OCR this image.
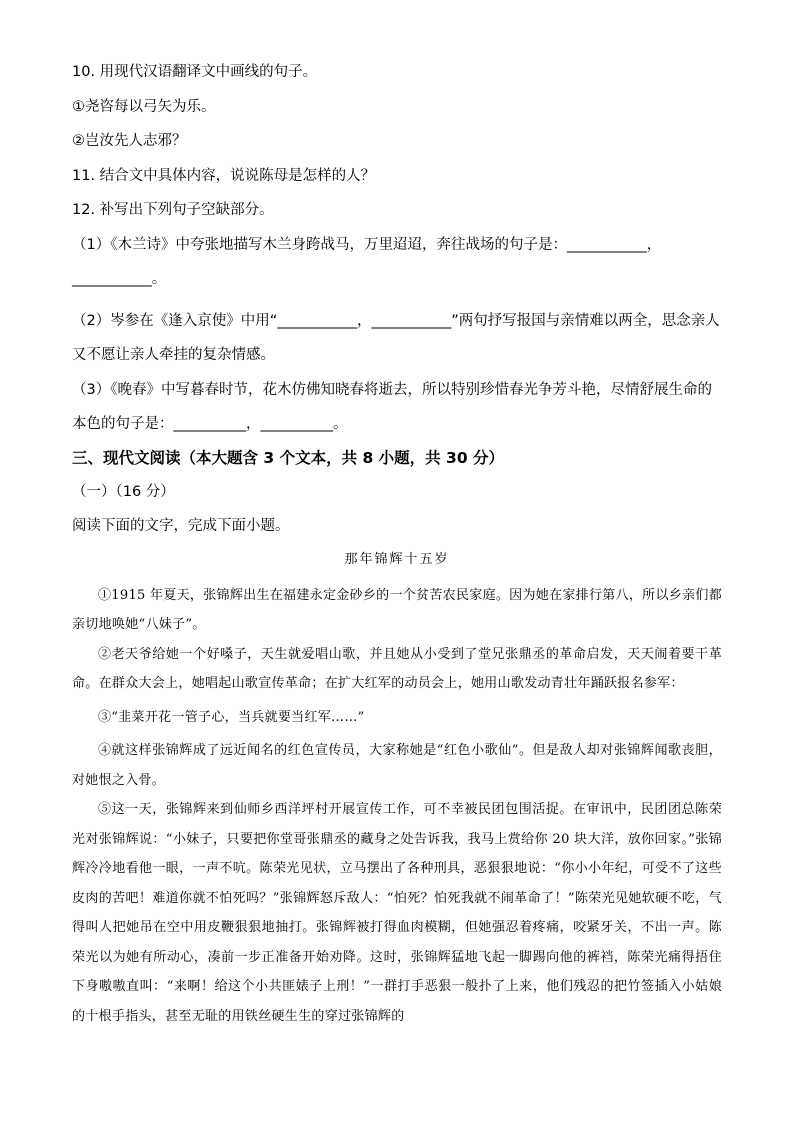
10. 用现代汉语翻译文中画线的句子。
①尧咨每以弓矢为乐。
②岂汝先人志邪？
11. 结合文中具体内容，说说陈母是怎样的人？
12. 补写出下列句子空缺部分。
（1）《木兰诗》中夸张地描写木兰身跨战马，万里迢迢，奔往战场的句子是：___________，
___________。

（2）岑参在《逢入京使》中用“___________，___________”两句抒写报国与亲情难以两全，思念亲人又不愿让亲人牵挂的复杂情感。

（3）《晚春》中写暮春时节，花木仿佛知晓春将逝去，所以特别珍惜春光争芳斗艳，尽情舒展生命的本色的句子是：__________，__________。

三、现代文阅读（本大题含 3 个文本，共 8 小题，共 30 分）
（一）（16 分）
阅读下面的文字，完成下面小题。
那年锦辉十五岁

①1915 年夏天，张锦辉出生在福建永定金砂乡的一个贫苦农民家庭。因为她在家排行第八，所以乡亲们都亲切地唤她“八妹子”。

②老天爷给她一个好嗓子，天生就爱唱山歌，并且她从小受到了堂兄张鼎丞的革命启发，天天闹着要干革命。在群众大会上，她唱起山歌宣传革命；在扩大红军的动员会上，她用山歌发动青壮年踊跃报名参军：

③“韭菜开花一管子心，当兵就要当红军……”

④就这样张锦辉成了远近闻名的红色宣传员，大家称她是“红色小歌仙”。但是敌人却对张锦辉闻歌丧胆，对她恨之入骨。

⑤这一天，张锦辉来到仙师乡西洋坪村开展宣传工作，可不幸被民团包围活捉。在审讯中，民团团总陈荣光对张锦辉说：“小妹子，只要把你堂哥张鼎丞的藏身之处告诉我，我马上赏给你 20 块大洋，放你回家。”张锦辉冷冷地看他一眼，一声不吭。陈荣光见状，立马摆出了各种刑具，恶狠狠地说：“你小小年纪，可受不了这些皮肉的苦吧！难道你就不怕死吗？”张锦辉怒斥敌人：“怕死？怕死我就不闹革命了！”陈荣光见她软硬不吃，气得叫人把她吊在空中用皮鞭狠狠地抽打。张锦辉被打得血肉模糊，但她强忍着疼痛，咬紧牙关，不出一声。陈荣光以为她有所动心，凑前一步正准备开始劝降。这时，张锦辉猛地飞起一脚踢向他的裤裆，陈荣光痛得捂住下身嗷嗷直叫：“来啊！给这个小共匪婊子上刑！”一群打手恶狠一般扑了上来，他们残忍的把竹签插入小姑娘的十根手指头，甚至无耻的用铁丝硬生生的穿过张锦辉的
